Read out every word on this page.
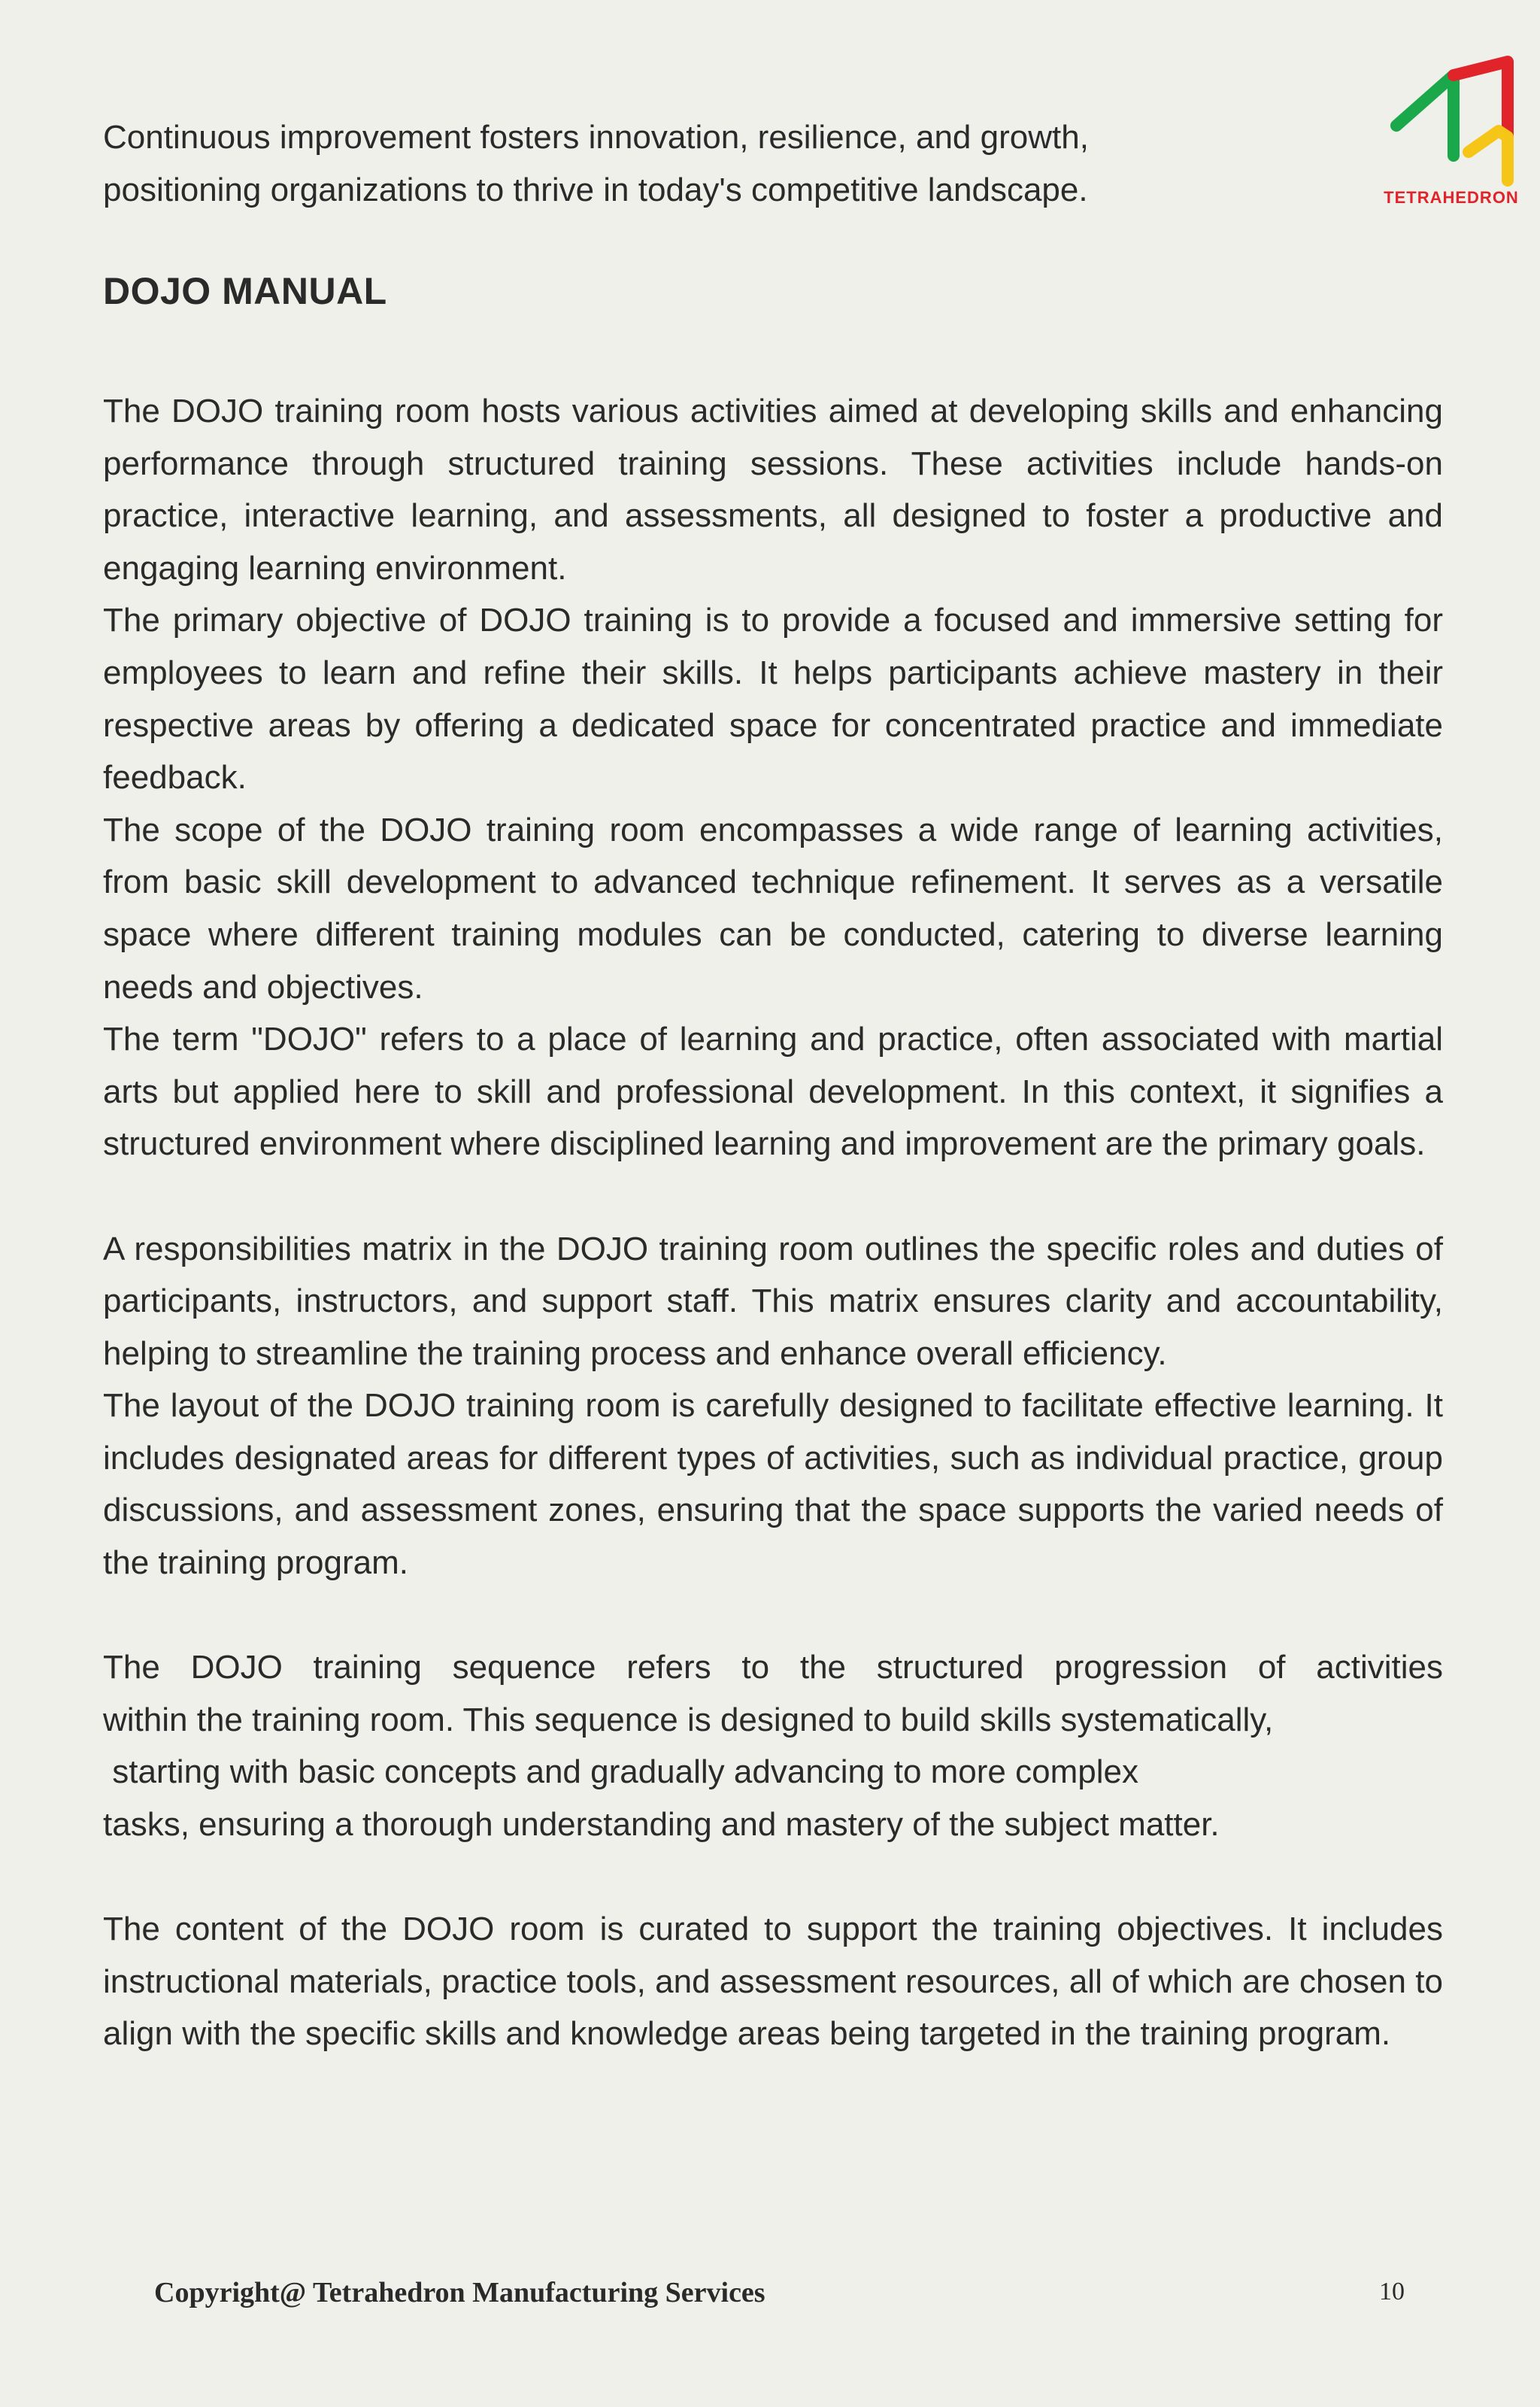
TETRAHEDRON

Continuous improvement fosters innovation, resilience, and growth, positioning organizations to thrive in today's competitive landscape.

DOJO MANUAL

The DOJO training room hosts various activities aimed at developing skills and enhancing performance through structured training sessions. These activities include hands-on practice, interactive learning, and assessments, all designed to foster a productive and engaging learning environment.

The primary objective of DOJO training is to provide a focused and immersive setting for employees to learn and refine their skills. It helps participants achieve mastery in their respective areas by offering a dedicated space for concentrated practice and immediate feedback.

The scope of the DOJO training room encompasses a wide range of learning activities, from basic skill development to advanced technique refinement. It serves as a versatile space where different training modules can be conducted, catering to diverse learning needs and objectives.

The term "DOJO" refers to a place of learning and practice, often associated with martial arts but applied here to skill and professional development. In this context, it signifies a structured environment where disciplined learning and improvement are the primary goals.

A responsibilities matrix in the DOJO training room outlines the specific roles and duties of participants, instructors, and support staff. This matrix ensures clarity and accountability, helping to streamline the training process and enhance overall efficiency.

The layout of the DOJO training room is carefully designed to facilitate effective learning. It includes designated areas for different types of activities, such as individual practice, group discussions, and assessment zones, ensuring that the space supports the varied needs of the training program.

The DOJO training sequence refers to the structured progression of activities
within the training room. This sequence is designed to build skills systematically,
starting with basic concepts and gradually advancing to more complex
tasks, ensuring a thorough understanding and mastery of the subject matter.

The content of the DOJO room is curated to support the training objectives. It includes instructional materials, practice tools, and assessment resources, all of which are chosen to align with the specific skills and knowledge areas being targeted in the training program.

Copyright@ Tetrahedron Manufacturing Services	10
